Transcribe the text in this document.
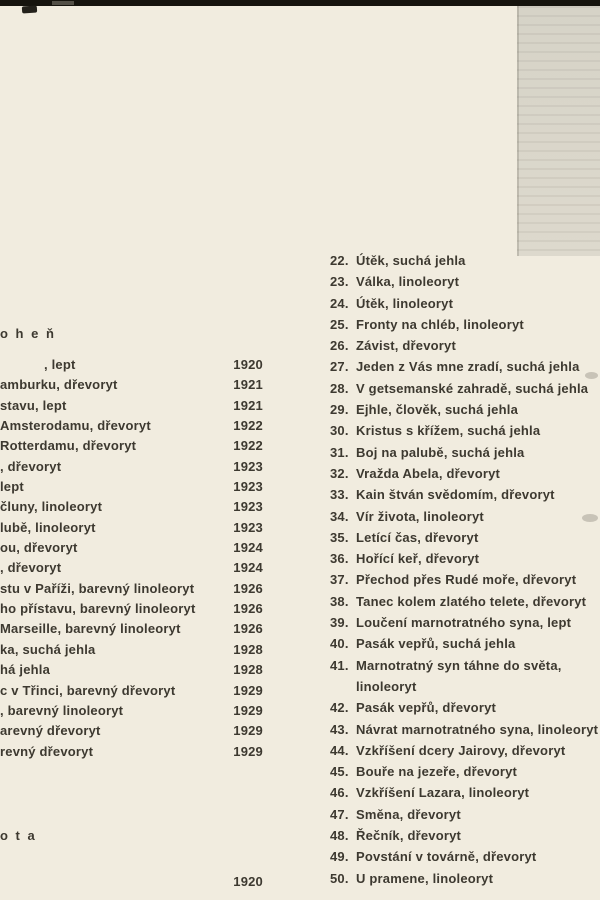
o h e ň
, lept	1920
amburku, dřevoryt	1921
stavu, lept	1921
Amsterodamu, dřevoryt	1922
Rotterdamu, dřevoryt	1922
, dřevoryt	1923
lept	1923
čluny, linoleoryt	1923
lubě, linoleoryt	1923
ou, dřevoryt	1924
, dřevoryt	1924
stu v Paříži, barevný linoleoryt	1926
ho přístavu, barevný linoleoryt	1926
Marseille, barevný linoleoryt	1926
ka, suchá jehla	1928
há jehla	1928
c v Třinci, barevný dřevoryt	1929
, barevný linoleoryt	1929
arevný dřevoryt	1929
revný dřevoryt	1929
o t a
1920
22. Útěk, suchá jehla
23. Válka, linoleoryt
24. Útěk, linoleoryt
25. Fronty na chléb, linoleoryt
26. Závist, dřevoryt
27. Jeden z Vás mne zradí, suchá jehla
28. V getsemanské zahradě, suchá jehla
29. Ejhle, člověk, suchá jehla
30. Kristus s křížem, suchá jehla
31. Boj na palubě, suchá jehla
32. Vražda Abela, dřevoryt
33. Kain štván svědomím, dřevoryt
34. Vír života, linoleoryt
35. Letící čas, dřevoryt
36. Hořící keř, dřevoryt
37. Přechod přes Rudé moře, dřevoryt
38. Tanec kolem zlatého telete, dřevoryt
39. Loučení marnotratného syna, lept
40. Pasák vepřů, suchá jehla
41. Marnotratný syn táhne do světa,
linoleoryt
42. Pasák vepřů, dřevoryt
43. Návrat marnotratného syna, linoleoryt
44. Vzkříšení dcery Jairovy, dřevoryt
45. Bouře na jezeře, dřevoryt
46. Vzkříšení Lazara, linoleoryt
47. Směna, dřevoryt
48. Řečník, dřevoryt
49. Povstání v továrně, dřevoryt
50. U pramene, linoleoryt
